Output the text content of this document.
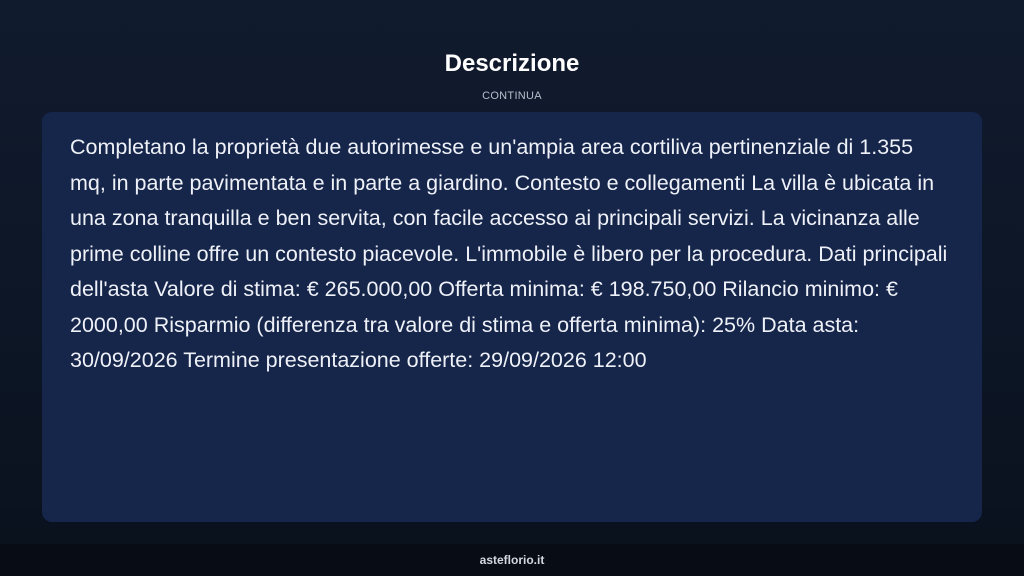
Descrizione
CONTINUA

Completano la proprietà due autorimesse e un'ampia area cortiliva pertinenziale di 1.355 mq, in parte pavimentata e in parte a giardino. Contesto e collegamenti La villa è ubicata in una zona tranquilla e ben servita, con facile accesso ai principali servizi. La vicinanza alle prime colline offre un contesto piacevole. L'immobile è libero per la procedura. Dati principali dell'asta Valore di stima: € 265.000,00 Offerta minima: € 198.750,00 Rilancio minimo: € 2000,00 Risparmio (differenza tra valore di stima e offerta minima): 25% Data asta: 30/09/2026 Termine presentazione offerte: 29/09/2026 12:00

asteflorio.it
